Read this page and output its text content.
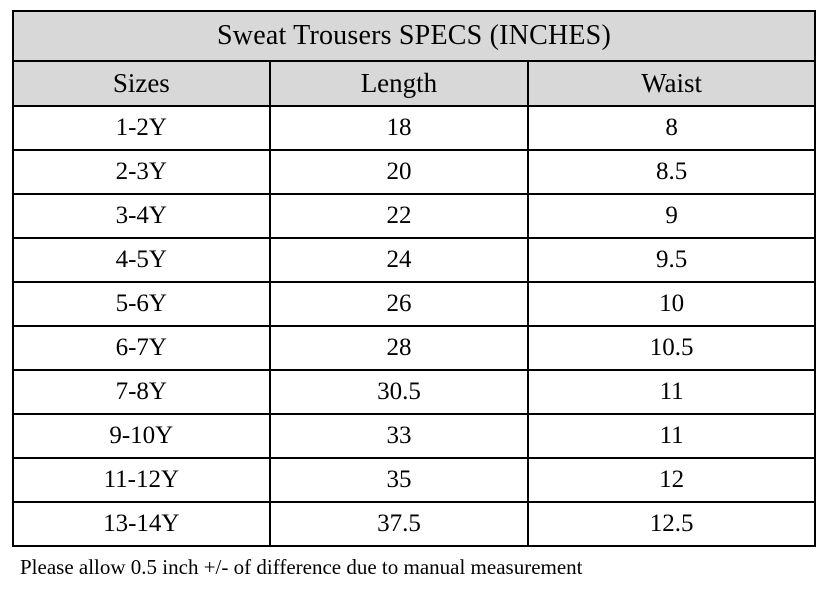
Sweat Trousers SPECS (INCHES)		
Sizes	Length	Waist
1-2Y	18	8
2-3Y	20	8.5
3-4Y	22	9
4-5Y	24	9.5
5-6Y	26	10
6-7Y	28	10.5
7-8Y	30.5	11
9-10Y	33	11
11-12Y	35	12
13-14Y	37.5	12.5
Please allow 0.5 inch +/- of difference due to manual measurement
